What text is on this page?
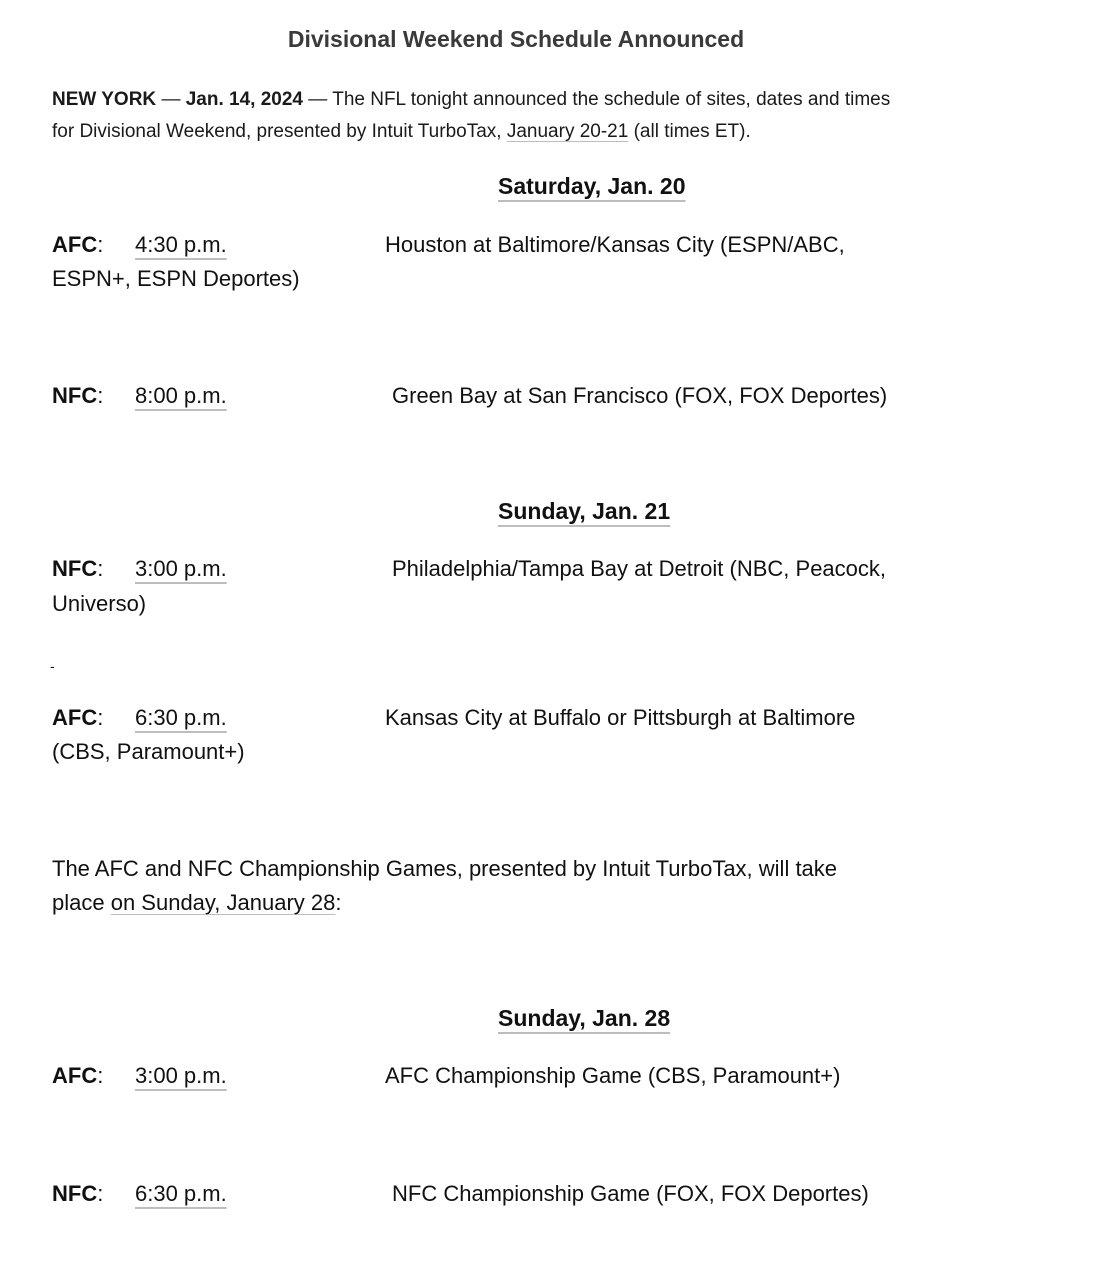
Divisional Weekend Schedule Announced
NEW YORK — Jan. 14, 2024 — The NFL tonight announced the schedule of sites, dates and times
for Divisional Weekend, presented by Intuit TurboTax, January 20-21 (all times ET).
Saturday, Jan. 20
AFC: 4:30 p.m.	Houston at Baltimore/Kansas City (ESPN/ABC,
ESPN+, ESPN Deportes)
NFC: 8:00 p.m.	Green Bay at San Francisco (FOX, FOX Deportes)
Sunday, Jan. 21
NFC: 3:00 p.m.	Philadelphia/Tampa Bay at Detroit (NBC, Peacock,
Universo)
-
AFC: 6:30 p.m.	Kansas City at Buffalo or Pittsburgh at Baltimore
(CBS, Paramount+)
The AFC and NFC Championship Games, presented by Intuit TurboTax, will take
place on Sunday, January 28:
Sunday, Jan. 28
AFC: 3:00 p.m.	AFC Championship Game (CBS, Paramount+)
NFC: 6:30 p.m.	NFC Championship Game (FOX, FOX Deportes)
